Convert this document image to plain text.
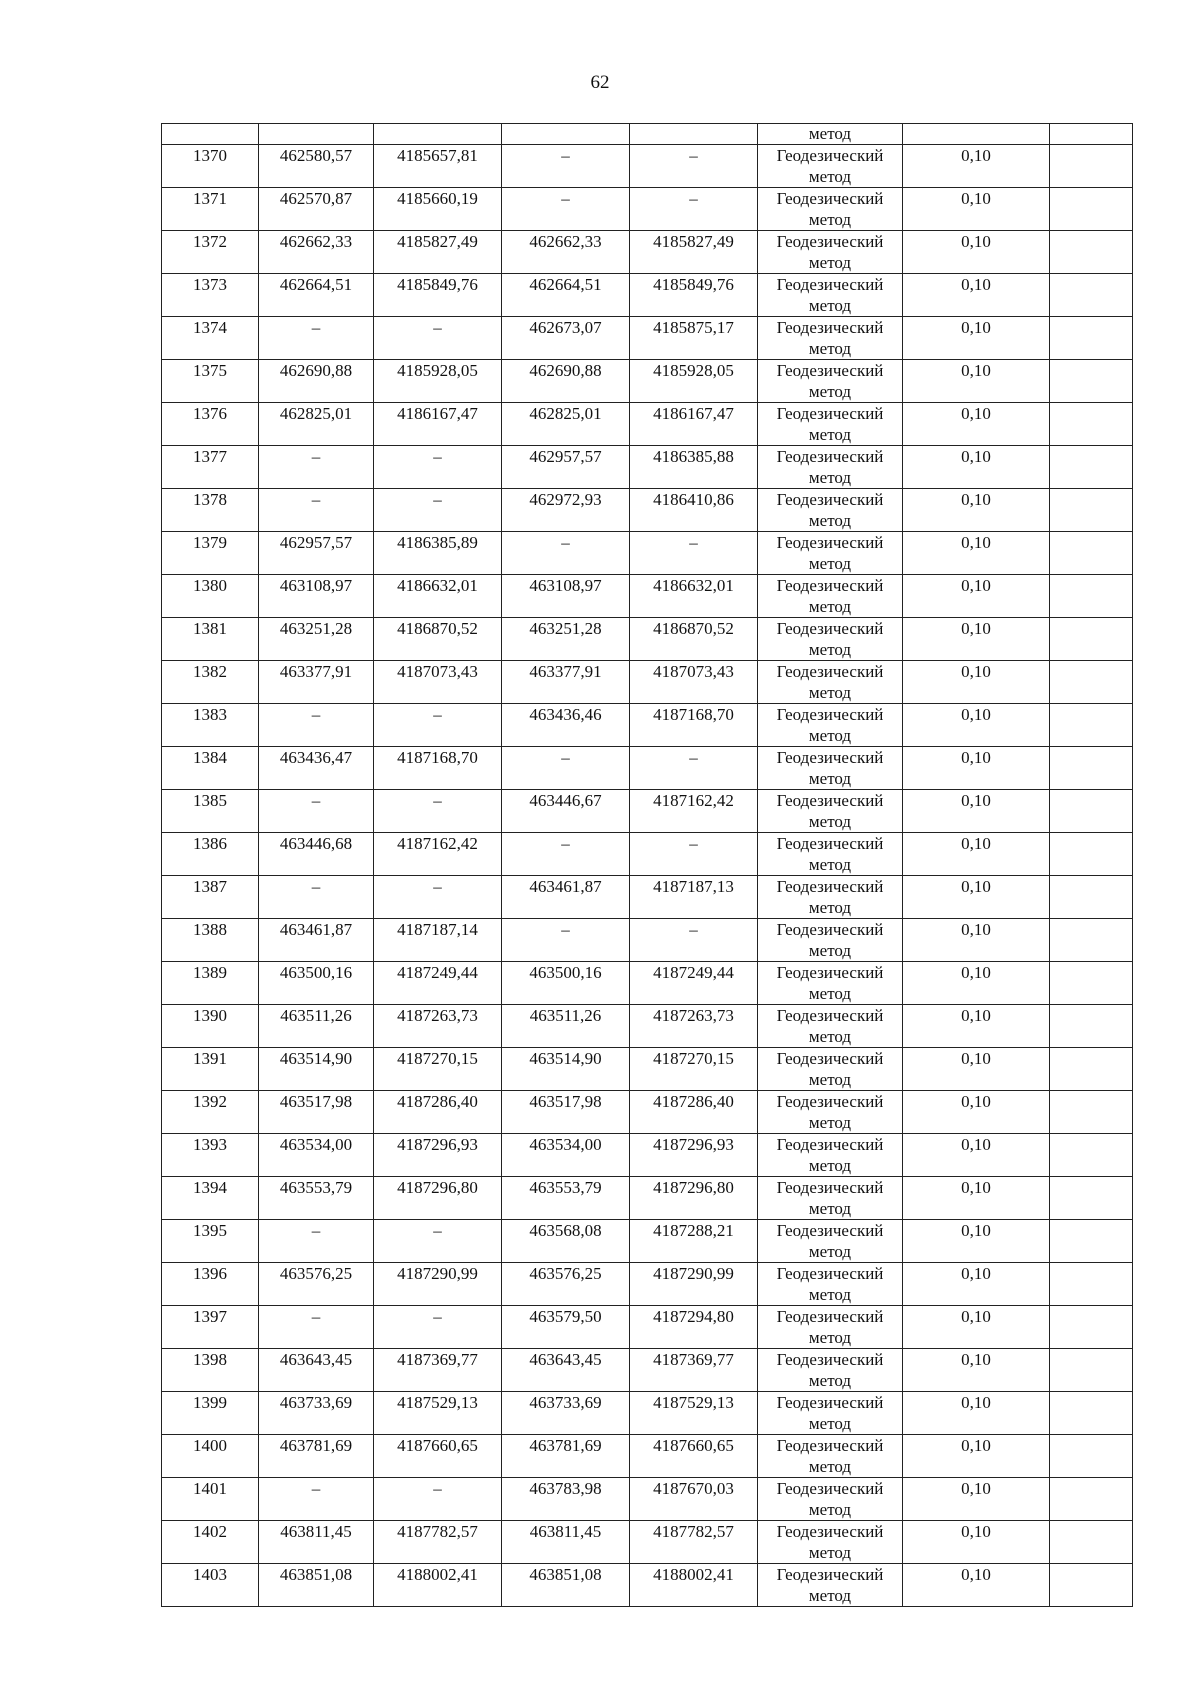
62
					метод		
1370	462580,57	4185657,81	–	–	Геодезический метод	0,10	
1371	462570,87	4185660,19	–	–	Геодезический метод	0,10	
1372	462662,33	4185827,49	462662,33	4185827,49	Геодезический метод	0,10	
1373	462664,51	4185849,76	462664,51	4185849,76	Геодезический метод	0,10	
1374	–	–	462673,07	4185875,17	Геодезический метод	0,10	
1375	462690,88	4185928,05	462690,88	4185928,05	Геодезический метод	0,10	
1376	462825,01	4186167,47	462825,01	4186167,47	Геодезический метод	0,10	
1377	–	–	462957,57	4186385,88	Геодезический метод	0,10	
1378	–	–	462972,93	4186410,86	Геодезический метод	0,10	
1379	462957,57	4186385,89	–	–	Геодезический метод	0,10	
1380	463108,97	4186632,01	463108,97	4186632,01	Геодезический метод	0,10	
1381	463251,28	4186870,52	463251,28	4186870,52	Геодезический метод	0,10	
1382	463377,91	4187073,43	463377,91	4187073,43	Геодезический метод	0,10	
1383	–	–	463436,46	4187168,70	Геодезический метод	0,10	
1384	463436,47	4187168,70	–	–	Геодезический метод	0,10	
1385	–	–	463446,67	4187162,42	Геодезический метод	0,10	
1386	463446,68	4187162,42	–	–	Геодезический метод	0,10	
1387	–	–	463461,87	4187187,13	Геодезический метод	0,10	
1388	463461,87	4187187,14	–	–	Геодезический метод	0,10	
1389	463500,16	4187249,44	463500,16	4187249,44	Геодезический метод	0,10	
1390	463511,26	4187263,73	463511,26	4187263,73	Геодезический метод	0,10	
1391	463514,90	4187270,15	463514,90	4187270,15	Геодезический метод	0,10	
1392	463517,98	4187286,40	463517,98	4187286,40	Геодезический метод	0,10	
1393	463534,00	4187296,93	463534,00	4187296,93	Геодезический метод	0,10	
1394	463553,79	4187296,80	463553,79	4187296,80	Геодезический метод	0,10	
1395	–	–	463568,08	4187288,21	Геодезический метод	0,10	
1396	463576,25	4187290,99	463576,25	4187290,99	Геодезический метод	0,10	
1397	–	–	463579,50	4187294,80	Геодезический метод	0,10	
1398	463643,45	4187369,77	463643,45	4187369,77	Геодезический метод	0,10	
1399	463733,69	4187529,13	463733,69	4187529,13	Геодезический метод	0,10	
1400	463781,69	4187660,65	463781,69	4187660,65	Геодезический метод	0,10	
1401	–	–	463783,98	4187670,03	Геодезический метод	0,10	
1402	463811,45	4187782,57	463811,45	4187782,57	Геодезический метод	0,10	
1403	463851,08	4188002,41	463851,08	4188002,41	Геодезический метод	0,10	
